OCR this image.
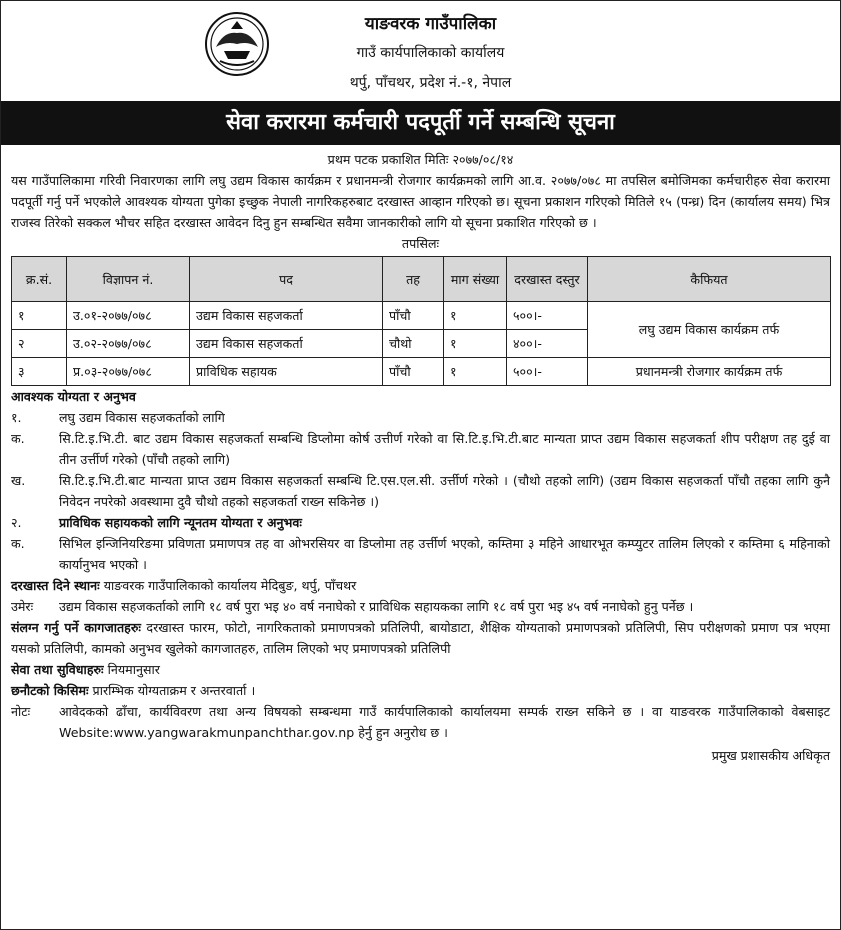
याङवरक गाउँपालिका
गाउँ कार्यपालिकाको कार्यालय
थर्पु, पाँचथर, प्रदेश नं.-१, नेपाल
सेवा करारमा कर्मचारी पदपूर्ती गर्ने सम्बन्धि सूचना
प्रथम पटक प्रकाशित मितिः २०७७/०८/१४
यस गाउँपालिकामा गरिवी निवारणका लागि लघु उद्यम विकास कार्यक्रम र प्रधानमन्त्री रोजगार कार्यक्रमको लागि आ.व. २०७७/०७८ मा तपसिल बमोजिमका कर्मचारीहरु सेवा करारमा पदपूर्ती गर्नु पर्ने भएकोले आवश्यक योग्यता पुगेका इच्छुक नेपाली नागरिकहरुबाट दरखास्त आव्हान गरिएको छ। सूचना प्रकाशन गरिएको मितिले १५ (पन्ध्र) दिन (कार्यालय समय) भित्र राजस्व तिरेको सक्कल भौचर सहित दरखास्त आवेदन दिनु हुन सम्बन्धित सवैमा जानकारीको लागि यो सूचना प्रकाशित गरिएको छ ।
तपसिलः
क्र.सं.	विज्ञापन नं.	पद	तह	माग संख्या	दरखास्त दस्तुर	कैफियत
१	उ.०१-२०७७/०७८	उद्यम विकास सहजकर्ता	पाँचौ	१	५००।-	लघु उद्यम विकास कार्यक्रम तर्फ
२	उ.०२-२०७७/०७८	उद्यम विकास सहजकर्ता	चौथो	१	४००।-	
३	प्र.०३-२०७७/०७८	प्राविधिक सहायक	पाँचौ	१	५००।-	प्रधानमन्त्री रोजगार कार्यक्रम तर्फ
आवश्यक योग्यता र अनुभव
१.	लघु उद्यम विकास सहजकर्ताको लागि
क.	सि.टि.इ.भि.टी. बाट उद्यम विकास सहजकर्ता सम्बन्धि डिप्लोमा कोर्ष उत्तीर्ण गरेको वा सि.टि.इ.भि.टी.बाट मान्यता प्राप्त उद्यम विकास सहजकर्ता शीप परीक्षण तह दुई वा तीन उर्त्तीर्ण गरेको (पाँचौ तहको लागि)
ख.	सि.टि.इ.भि.टी.बाट मान्यता प्राप्त उद्यम विकास सहजकर्ता सम्बन्धि टि.एस.एल.सी. उर्त्तीर्ण गरेको । (चौथो तहको लागि) (उद्यम विकास सहजकर्ता पाँचौ तहका लागि कुनै निवेदन नपरेको अवस्थामा दुवै चौथो तहको सहजकर्ता राख्न सकिनेछ ।)
२.	प्राविधिक सहायकको लागि न्यूनतम योग्यता र अनुभवः
क.	सिभिल इन्जिनियरिङमा प्रविणता प्रमाणपत्र तह वा ओभरसियर वा डिप्लोमा तह उर्त्तीर्ण भएको, कम्तिमा ३ महिने आधारभूत कम्प्युटर तालिम लिएको र कम्तिमा ६ महिनाको कार्यानुभव भएको ।
दरखास्त दिने स्थानः याङवरक गाउँपालिकाको कार्यालय मेदिबुङ, थर्पु, पाँचथर
उमेरः	उद्यम विकास सहजकर्ताको लागि १८ वर्ष पुरा भइ ४० वर्ष ननाघेको र प्राविधिक सहायकका लागि १८ वर्ष पुरा भइ ४५ वर्ष ननाघेको हुनु पर्नेछ ।
संलग्न गर्नु पर्ने कागजातहरुः दरखास्त फारम, फोटो, नागरिकताको प्रमाणपत्रको प्रतिलिपी, बायोडाटा, शैक्षिक योग्यताको प्रमाणपत्रको प्रतिलिपी, सिप परीक्षणको प्रमाण पत्र भएमा यसको प्रतिलिपी, कामको अनुभव खुलेको कागजातहरु, तालिम लिएको भए प्रमाणपत्रको प्रतिलिपी
सेवा तथा सुविधाहरुः नियमानुसार
छनौटको किसिमः प्रारम्भिक योग्यताक्रम र अन्तरवार्ता ।
नोटः	आवेदकको ढाँचा, कार्यविवरण तथा अन्य विषयको सम्बन्धमा गाउँ कार्यपालिकाको कार्यालयमा सम्पर्क राख्न सकिने छ । वा याङवरक गाउँपालिकाको वेबसाइट Website:www.yangwarakmunpanchthar.gov.np हेर्नु हुन अनुरोध छ ।
प्रमुख प्रशासकीय अधिकृत
